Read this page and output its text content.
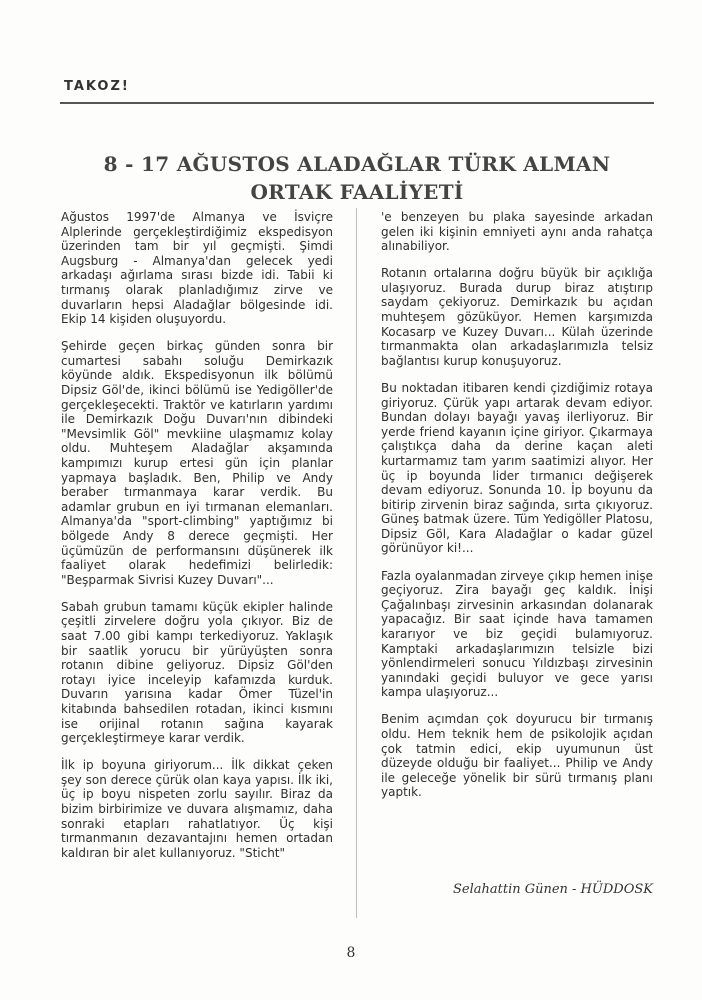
TAKOZ!
8 - 17 AĞUSTOS ALADAĞLAR TÜRK ALMAN ORTAK FAALİYETİ

Ağustos 1997'de Almanya ve İsviçre Alplerinde gerçekleştirdiğimiz ekspedisyon üzerinden tam bir yıl geçmişti. Şimdi Augsburg - Almanya'dan gelecek yedi arkadaşı ağırlama sırası bizde idi. Tabii ki tırmanış olarak planladığımız zirve ve duvarların hepsi Aladağlar bölgesinde idi. Ekip 14 kişiden oluşuyordu.

Şehirde geçen birkaç günden sonra bir cumartesi sabahı soluğu Demirkazık köyünde aldık. Ekspedisyonun ilk bölümü Dipsiz Göl'de, ikinci bölümü ise Yedigöller'de gerçekleşecekti. Traktör ve katırların yardımı ile Demirkazık Doğu Duvarı'nın dibindeki "Mevsimlik Göl" mevkiine ulaşmamız kolay oldu. Muhteşem Aladağlar akşamında kampımızı kurup ertesi gün için planlar yapmaya başladık. Ben, Philip ve Andy beraber tırmanmaya karar verdik. Bu adamlar grubun en iyi tırmanan elemanları. Almanya'da "sport-climbing" yaptığımız bi bölgede Andy 8 derece geçmişti. Her üçümüzün de performansını düşünerek ilk faaliyet olarak hedefimizi belirledik: "Beşparmak Sivrisi Kuzey Duvarı"...

Sabah grubun tamamı küçük ekipler halinde çeşitli zirvelere doğru yola çıkıyor. Biz de saat 7.00 gibi kampı terkediyoruz. Yaklaşık bir saatlik yorucu bir yürüyüşten sonra rotanın dibine geliyoruz. Dipsiz Göl'den rotayı iyice inceleyip kafamızda kurduk. Duvarın yarısına kadar Ömer Tüzel'in kitabında bahsedilen rotadan, ikinci kısmını ise orijinal rotanın sağına kayarak gerçekleştirmeye karar verdik.

İlk ip boyuna giriyorum... İlk dikkat çeken şey son derece çürük olan kaya yapısı. İlk iki, üç ip boyu nispeten zorlu sayılır. Biraz da bizim birbirimize ve duvara alışmamız, daha sonraki etapları rahatlatıyor. Üç kişi tırmanmanın dezavantajını hemen ortadan kaldıran bir alet kullanıyoruz. "Sticht"

'e benzeyen bu plaka sayesinde arkadan gelen iki kişinin emniyeti aynı anda rahatça alınabiliyor.

Rotanın ortalarına doğru büyük bir açıklığa ulaşıyoruz. Burada durup biraz atıştırıp saydam çekiyoruz. Demirkazık bu açıdan muhteşem gözüküyor. Hemen karşımızda Kocasarp ve Kuzey Duvarı... Külah üzerinde tırmanmakta olan arkadaşlarımızla telsiz bağlantısı kurup konuşuyoruz.

Bu noktadan itibaren kendi çizdiğimiz rotaya giriyoruz. Çürük yapı artarak devam ediyor. Bundan dolayı bayağı yavaş ilerliyoruz. Bir yerde friend kayanın içine giriyor. Çıkarmaya çalıştıkça daha da derine kaçan aleti kurtarmamız tam yarım saatimizi alıyor. Her üç ip boyunda lider tırmanıcı değişerek devam ediyoruz. Sonunda 10. İp boyunu da bitirip zirvenin biraz sağında, sırta çıkıyoruz. Güneş batmak üzere. Tüm Yedigöller Platosu, Dipsiz Göl, Kara Aladağlar o kadar güzel görünüyor ki!...

Fazla oyalanmadan zirveye çıkıp hemen inişe geçiyoruz. Zira bayağı geç kaldık. İnişi Çağalınbaşı zirvesinin arkasından dolanarak yapacağız. Bir saat içinde hava tamamen kararıyor ve biz geçidi bulamıyoruz. Kamptaki arkadaşlarımızın telsizle bizi yönlendirmeleri sonucu Yıldızbaşı zirvesinin yanındaki geçidi buluyor ve gece yarısı kampa ulaşıyoruz...

Benim açımdan çok doyurucu bir tırmanış oldu. Hem teknik hem de psikolojik açıdan çok tatmin edici, ekip uyumunun üst düzeyde olduğu bir faaliyet... Philip ve Andy ile geleceğe yönelik bir sürü tırmanış planı yaptık.

Selahattin Günen - HÜDDOSK
8
